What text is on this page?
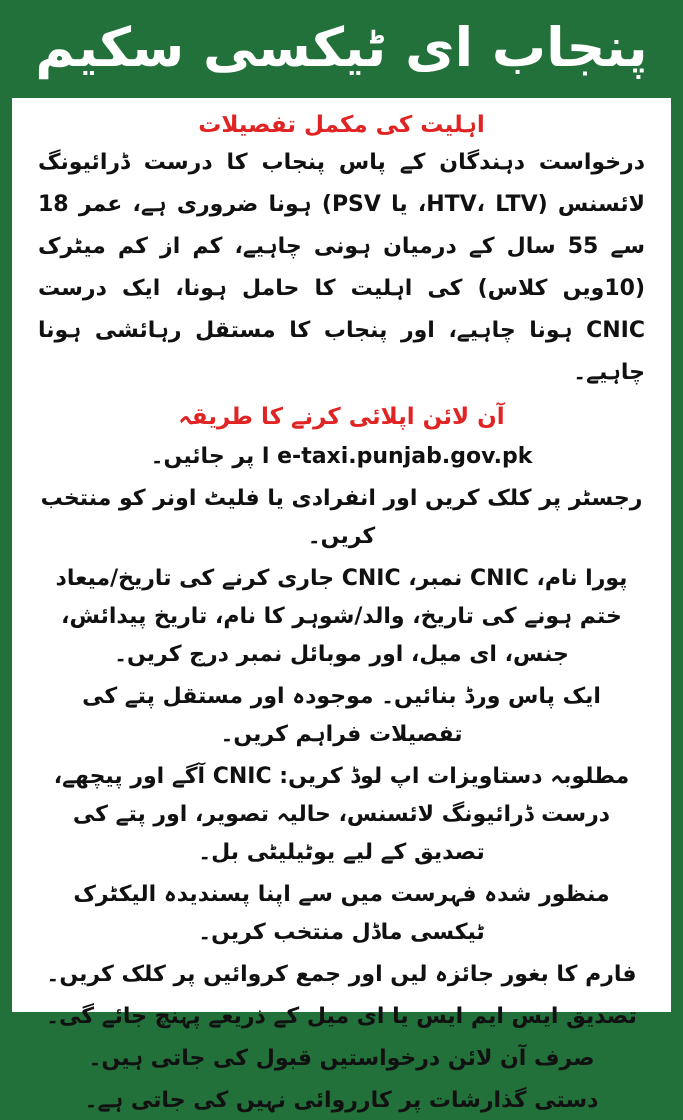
پنجاب ای ٹیکسی سکیم
اہلیت کی مکمل تفصیلات

درخواست دہندگان کے پاس پنجاب کا درست ڈرائیونگ لائسنس (HTV، LTV، یا PSV) ہونا ضروری ہے، عمر 18 سے 55 سال کے درمیان ہونی چاہیے، کم از کم میٹرک (10ویں کلاس) کی اہلیت کا حامل ہونا، ایک درست CNIC ہونا چاہیے، اور پنجاب کا مستقل رہائشی ہونا چاہیے۔

آن لائن اپلائی کرنے کا طریقہ
e-taxi.punjab.gov.pk ا پر جائیں۔
رجسٹر پر کلک کریں اور انفرادی یا فلیٹ اونر کو منتخب کریں۔
پورا نام، CNIC نمبر، CNIC جاری کرنے کی تاریخ/میعاد ختم ہونے کی تاریخ، والد/شوہر کا نام، تاریخ پیدائش، جنس، ای میل، اور موبائل نمبر درج کریں۔
ایک پاس ورڈ بنائیں۔ موجودہ اور مستقل پتے کی تفصیلات فراہم کریں۔
مطلوبہ دستاویزات اپ لوڈ کریں: CNIC آگے اور پیچھے، درست ڈرائیونگ لائسنس، حالیہ تصویر، اور پتے کی تصدیق کے لیے یوٹیلیٹی بل۔
منظور شدہ فہرست میں سے اپنا پسندیدہ الیکٹرک ٹیکسی ماڈل منتخب کریں۔
فارم کا بغور جائزہ لیں اور جمع کروائیں پر کلک کریں۔
تصدیق ایس ایم ایس یا ای میل کے ذریعے پہنچ جائے گی۔
صرف آن لائن درخواستیں قبول کی جاتی ہیں۔
دستی گذارشات پر کارروائی نہیں کی جاتی ہے۔
